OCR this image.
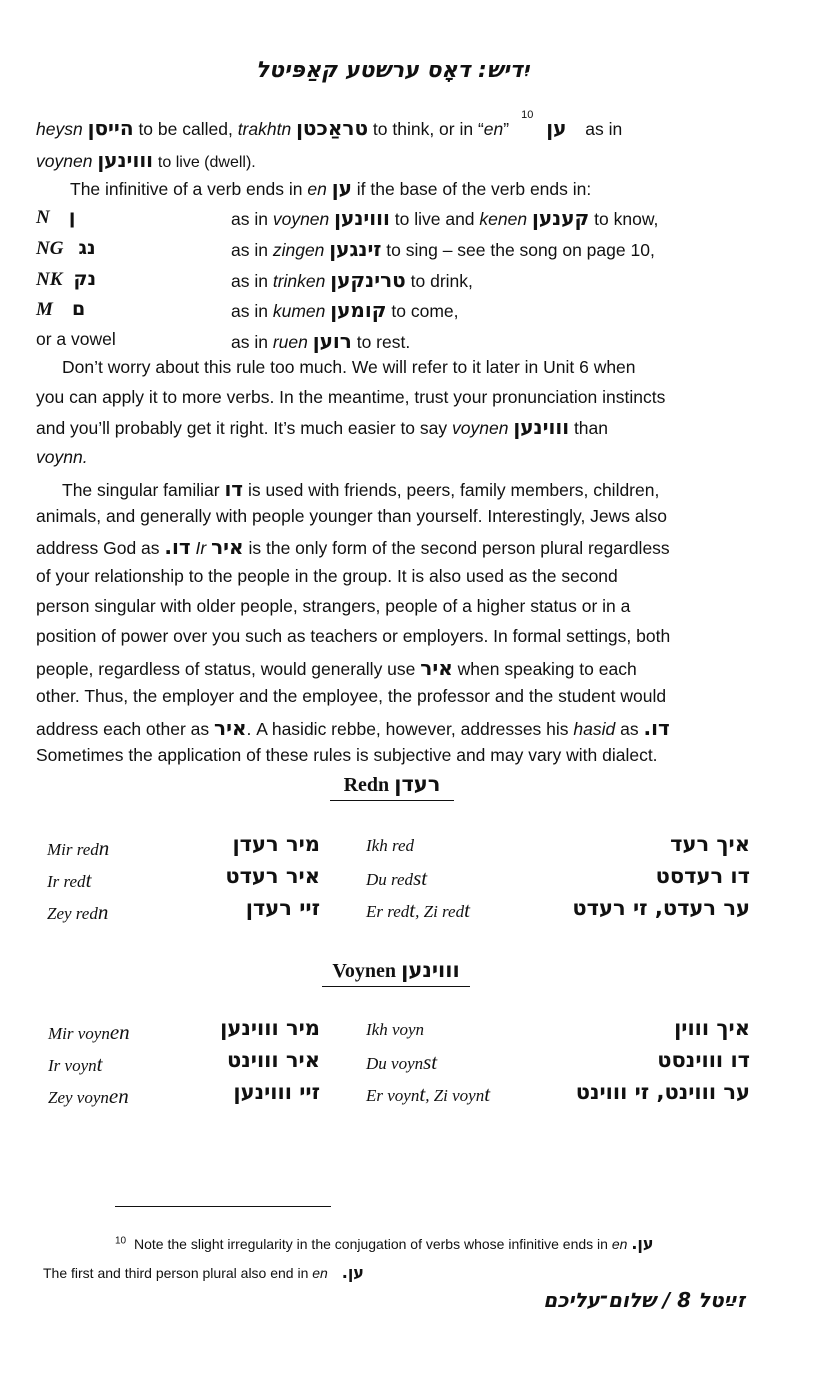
יִדיש: דאָס ערשטע קאַפּיטל
heysn הייסן to be called, trakhtn טראַכטן to think, or in “en”$^{10}$ ען as in
voynen וווינען to live (dwell).
The infinitive of a verb ends in en ען if the base of the verb ends in:
N ן	as in voynen וווינען to live and kenen קענען to know,
NG נג	as in zingen זינגען to sing – see the song on page 10,
NK נק	as in trinken טרינקען to drink,
M ם	as in kumen קומען to come,
or a vowel	as in ruen רוען to rest.
Don’t worry about this rule too much. We will refer to it later in Unit 6 when
you can apply it to more verbs. In the meantime, trust your pronunciation instincts
and you’ll probably get it right. It’s much easier to say voynen וווינען than
voynn.
The singular familiar דו is used with friends, peers, family members, children,
animals, and generally with people younger than yourself. Interestingly, Jews also
address God as דו. Ir איר is the only form of the second person plural regardless
of your relationship to the people in the group. It is also used as the second
person singular with older people, strangers, people of a higher status or in a
position of power over you such as teachers or employers. In formal settings, both
people, regardless of status, would generally use איר when speaking to each
other. Thus, the employer and the employee, the professor and the student would
address each other as איר. A hasidic rebbe, however, addresses his hasid as דו.
Sometimes the application of these rules is subjective and may vary with dialect.
Redn רעדן
Mir redn	מיר רעדן	Ikh red	איך רעד
Ir redt	איר רעדט	Du redst	דו רעדסט
Zey redn	זיי רעדן	Er redt, Zi redt	ער רעדט, זי רעדט
Voynen וווינען
Mir voynen	מיר וווינען	Ikh voyn	איך וווין
Ir voynt	איר וווינט	Du voynst	דו וווינסט
Zey voynen	זיי וווינען	Er voynt, Zi voynt	ער וווינט, זי וווינט
$^{10}$ Note the slight irregularity in the conjugation of verbs whose infinitive ends in en ען.
The first and third person plural also end in en ען.
זײַטל 8 / שלום־עליכם
